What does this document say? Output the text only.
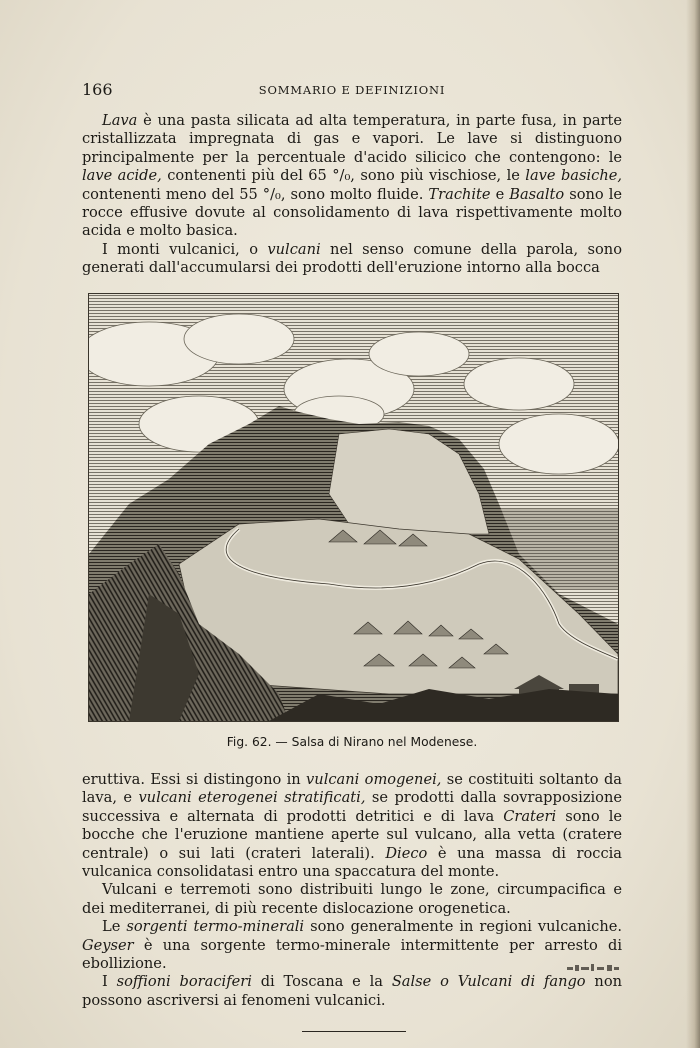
166	SOMMARIO E DEFINIZIONI

Lava è una pasta silicata ad alta temperatura, in parte fusa, in parte cristallizzata impregnata di gas e vapori. Le lave si distinguono principalmente per la percentuale d'acido silicico che contengono: le lave acide, contenenti più del 65 °/₀, sono più vischiose, le lave basiche, contenenti meno del 55 °/₀, sono molto fluide. Trachite e Basalto sono le rocce effusive dovute al consolidamento di lava rispettivamente molto acida e molto basica.

I monti vulcanici, o vulcani nel senso comune della parola, sono generati dall'accumularsi dei prodotti dell'eruzione intorno alla bocca

Fig. 62. — Salsa di Nirano nel Modenese.

eruttiva. Essi si distingono in vulcani omogenei, se costituiti soltanto da lava, e vulcani eterogenei stratificati, se prodotti dalla sovrapposizione successiva e alternata di prodotti detritici e di lava Crateri sono le bocche che l'eruzione mantiene aperte sul vulcano, alla vetta (cratere centrale) o sui lati (crateri laterali). Dieco è una massa di roccia vulcanica consolidatasi entro una spaccatura del monte.

Vulcani e terremoti sono distribuiti lungo le zone, circumpacifica e dei mediterranei, di più recente dislocazione orogenetica.

Le sorgenti termo-minerali sono generalmente in regioni vulcaniche. Geyser è una sorgente termo-minerale intermittente per arresto di ebollizione.

I soffioni boraciferi di Toscana e la Salse o Vulcani di fango non possono ascriversi ai fenomeni vulcanici.
